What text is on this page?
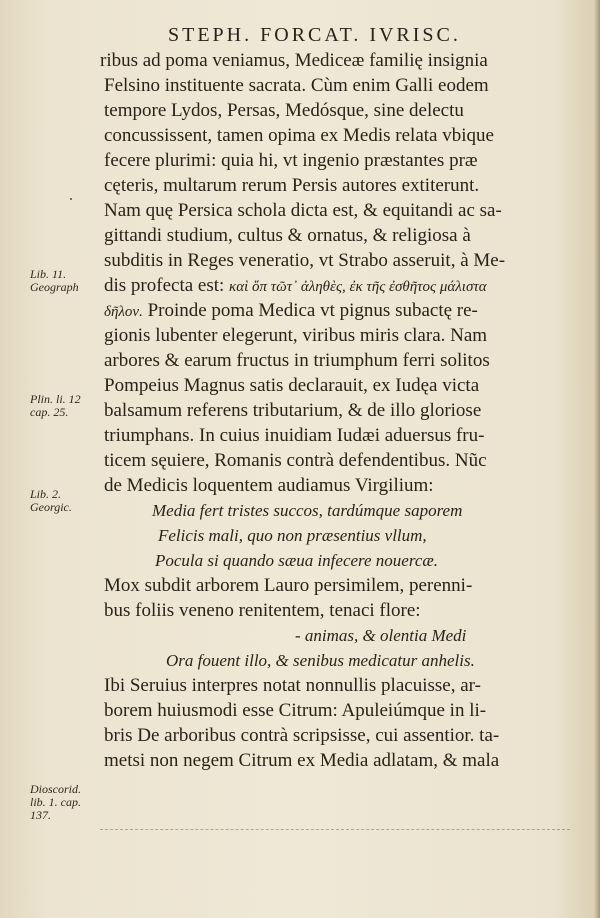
STEPH. FORCAT. IVRISC.
ribus ad poma veniamus, Mediceæ familię insignia
Felsino instituente sacrata. Cùm enim Galli eodem
tempore Lydos, Persas, Medósque, sine delectu
concussissent, tamen opima ex Medis relata vbique
fecere plurimi: quia hi, vt ingenio præstantes præ
cęteris, multarum rerum Persis autores extiterunt.
Nam quę Persica schola dicta est, & equitandi ac sa-
gittandi studium, cultus & ornatus, & religiosa à
subditis in Reges veneratio, vt Strabo asseruit, à Me-
dis profecta est: καὶ ὅπ τῶτ᾽ ἀληθὲς, ἐκ τῆς ἐσθῆτος μάλιστα
δῆλον. Proinde poma Medica vt pignus subactę re-
gionis lubenter elegerunt, viribus miris clara. Nam
arbores & earum fructus in triumphum ferri solitos
Pompeius Magnus satis declarauit, ex Iudęa victa
balsamum referens tributarium, & de illo gloriose
triumphans. In cuius inuidiam Iudæi aduersus fru-
ticem sęuiere, Romanis contrà defendentibus. Nũc
de Medicis loquentem audiamus Virgilium:
Media fert tristes succos, tardúmque saporem
Felicis mali, quo non præsentius vllum,
Pocula si quando sæua infecere nouercæ.
Mox subdit arborem Lauro persimilem, perenni-
bus foliis veneno renitentem, tenaci flore:
- animas, & olentia Medi
Ora fouent illo, & senibus medicatur anhelis.
Ibi Seruius interpres notat nonnullis placuisse, ar-
borem huiusmodi esse Citrum: Apuleiúmque in li-
bris De arboribus contrà scripsisse, cui assentior. ta-
metsi non negem Citrum ex Media adlatam, & mala
Lib. 11.
Geograph
Plin. li. 12
cap. 25.
Lib. 2.
Georgic.
Dioscorid.
lib. 1. cap.
137.
